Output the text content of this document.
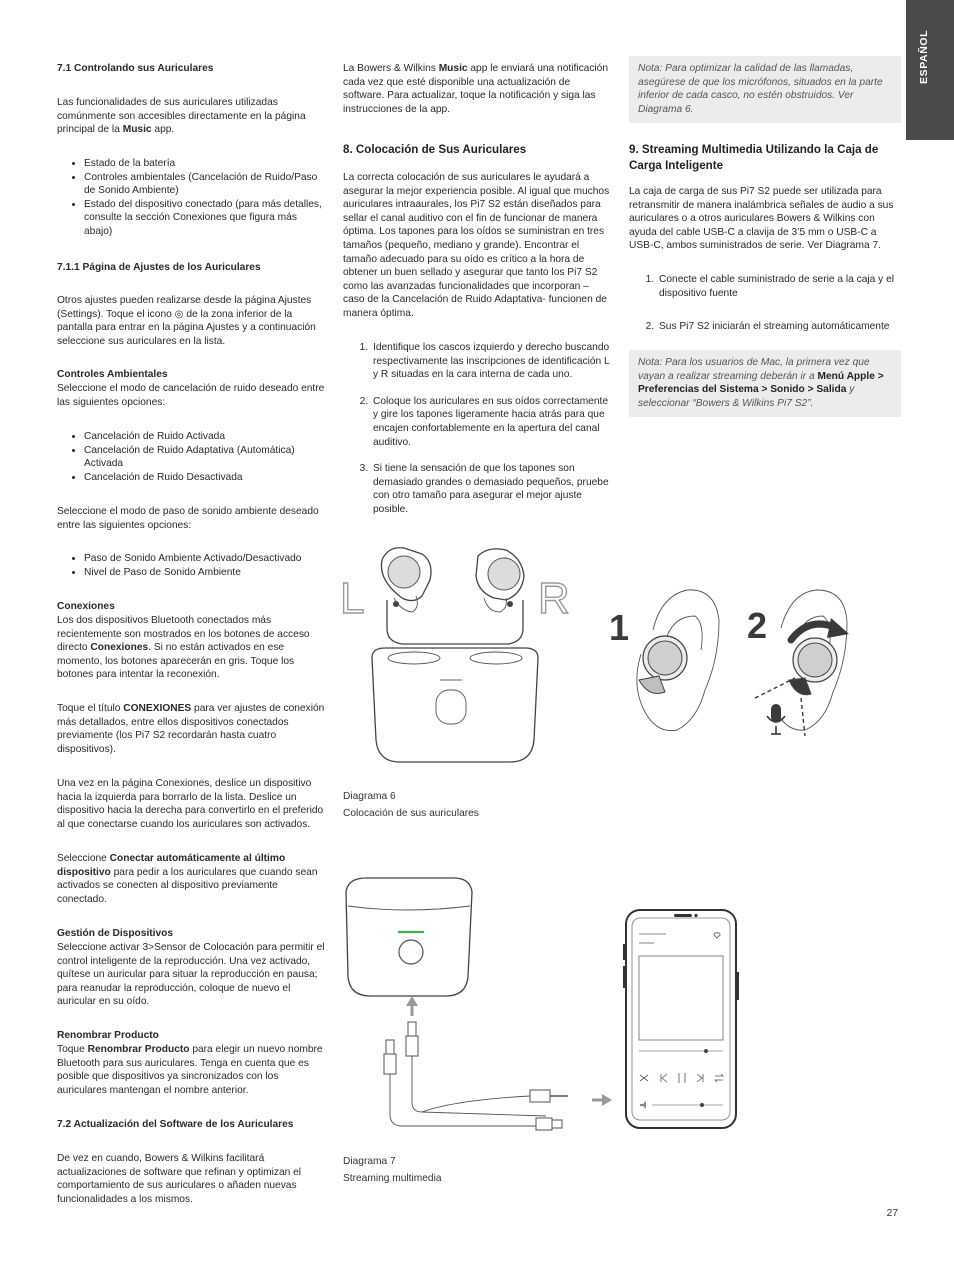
ESPAÑOL

7.1 Controlando sus Auriculares

Las funcionalidades de sus auriculares utilizadas comúnmente son accesibles directamente en la página principal de la Music app.

• Estado de la batería
• Controles ambientales (Cancelación de Ruido/Paso de Sonido Ambiente)
• Estado del dispositivo conectado (para más detalles, consulte la sección Conexiones que figura más abajo)

7.1.1 Página de Ajustes de los Auriculares

Otros ajustes pueden realizarse desde la página Ajustes (Settings). Toque el icono ◎ de la zona inferior de la pantalla para entrar en la página Ajustes y a continuación seleccione sus auriculares en la lista.

Controles Ambientales

Seleccione el modo de cancelación de ruido deseado entre las siguientes opciones:

• Cancelación de Ruido Activada
• Cancelación de Ruido Adaptativa (Automática) Activada
• Cancelación de Ruido Desactivada

Seleccione el modo de paso de sonido ambiente deseado entre las siguientes opciones:

• Paso de Sonido Ambiente Activado/Desactivado
• Nivel de Paso de Sonido Ambiente

Conexiones

Los dos dispositivos Bluetooth conectados más recientemente son mostrados en los botones de acceso directo Conexiones. Si no están activados en ese momento, los botones aparecerán en gris. Toque los botones para intentar la reconexión.

Toque el título CONEXIONES para ver ajustes de conexión más detallados, entre ellos dispositivos conectados previamente (los Pi7 S2 recordarán hasta cuatro dispositivos).

Una vez en la página Conexiones, deslice un dispositivo hacia la izquierda para borrarlo de la lista. Deslice un dispositivo hacia la derecha para convertirlo en el preferido al que conectarse cuando los auriculares son activados.

Seleccione Conectar automáticamente al último dispositivo para pedir a los auriculares que cuando sean activados se conecten al dispositivo previamente conectado.

Gestión de Dispositivos

Seleccione activar 3>Sensor de Colocación para permitir el control inteligente de la reproducción. Una vez activado, quítese un auricular para situar la reproducción en pausa; para reanudar la reproducción, coloque de nuevo el auricular en su oído.

Renombrar Producto

Toque Renombrar Producto para elegir un nuevo nombre Bluetooth para sus auriculares. Tenga en cuenta que es posible que dispositivos ya sincronizados con los auriculares mantengan el nombre anterior.

7.2 Actualización del Software de los Auriculares

De vez en cuando, Bowers & Wilkins facilitará actualizaciones de software que refinan y optimizan el comportamiento de sus auriculares o añaden nuevas funcionalidades a los mismos.

La Bowers & Wilkins Music app le enviará una notificación cada vez que esté disponible una actualización de software. Para actualizar, toque la notificación y siga las instrucciones de la app.

8. Colocación de Sus Auriculares

La correcta colocación de sus auriculares le ayudará a asegurar la mejor experiencia posible. Al igual que muchos auriculares intraaurales, los Pi7 S2 están diseñados para sellar el canal auditivo con el fin de funcionar de manera óptima. Los tapones para los oídos se suministran en tres tamaños (pequeño, mediano y grande). Encontrar el tamaño adecuado para su oído es crítico a la hora de obtener un buen sellado y asegurar que tanto los Pi7 S2 como las avanzadas funcionalidades que incorporan – caso de la Cancelación de Ruido Adaptativa- funcionen de manera óptima.

1. Identifique los cascos izquierdo y derecho buscando respectivamente las inscripciones de identificación L y R situadas en la cara interna de cada uno.
2. Coloque los auriculares en sus oídos correctamente y gire los tapones ligeramente hacia atrás para que encajen confortablemente en la apertura del canal auditivo.
3. Si tiene la sensación de que los tapones son demasiado grandes o demasiado pequeños, pruebe con otro tamaño para asegurar el mejor ajuste posible.
Diagrama 6
Colocación de sus auriculares
Diagrama 7
Streaming multimedia
Nota: Para optimizar la calidad de las llamadas, asegúrese de que los micrófonos, situados en la parte inferior de cada casco, no estén obstruidos. Ver Diagrama 6.

9. Streaming Multimedia Utilizando la Caja de Carga Inteligente

La caja de carga de sus Pi7 S2 puede ser utilizada para retransmitir de manera inalámbrica señales de audio a sus auriculares o a otros auriculares Bowers & Wilkins con ayuda del cable USB-C a clavija de 3’5 mm o USB-C a USB-C, ambos suministrados de serie. Ver Diagrama 7.

1. Conecte el cable suministrado de serie a la caja y el dispositivo fuente
2. Sus Pi7 S2 iniciarán el streaming automáticamente
Nota: Para los usuarios de Mac, la primera vez que vayan a realizar streaming deberán ir a Menú Apple > Preferencias del Sistema > Sonido > Salida y seleccionar “Bowers & Wilkins Pi7 S2”.
L	R
1	2
27
